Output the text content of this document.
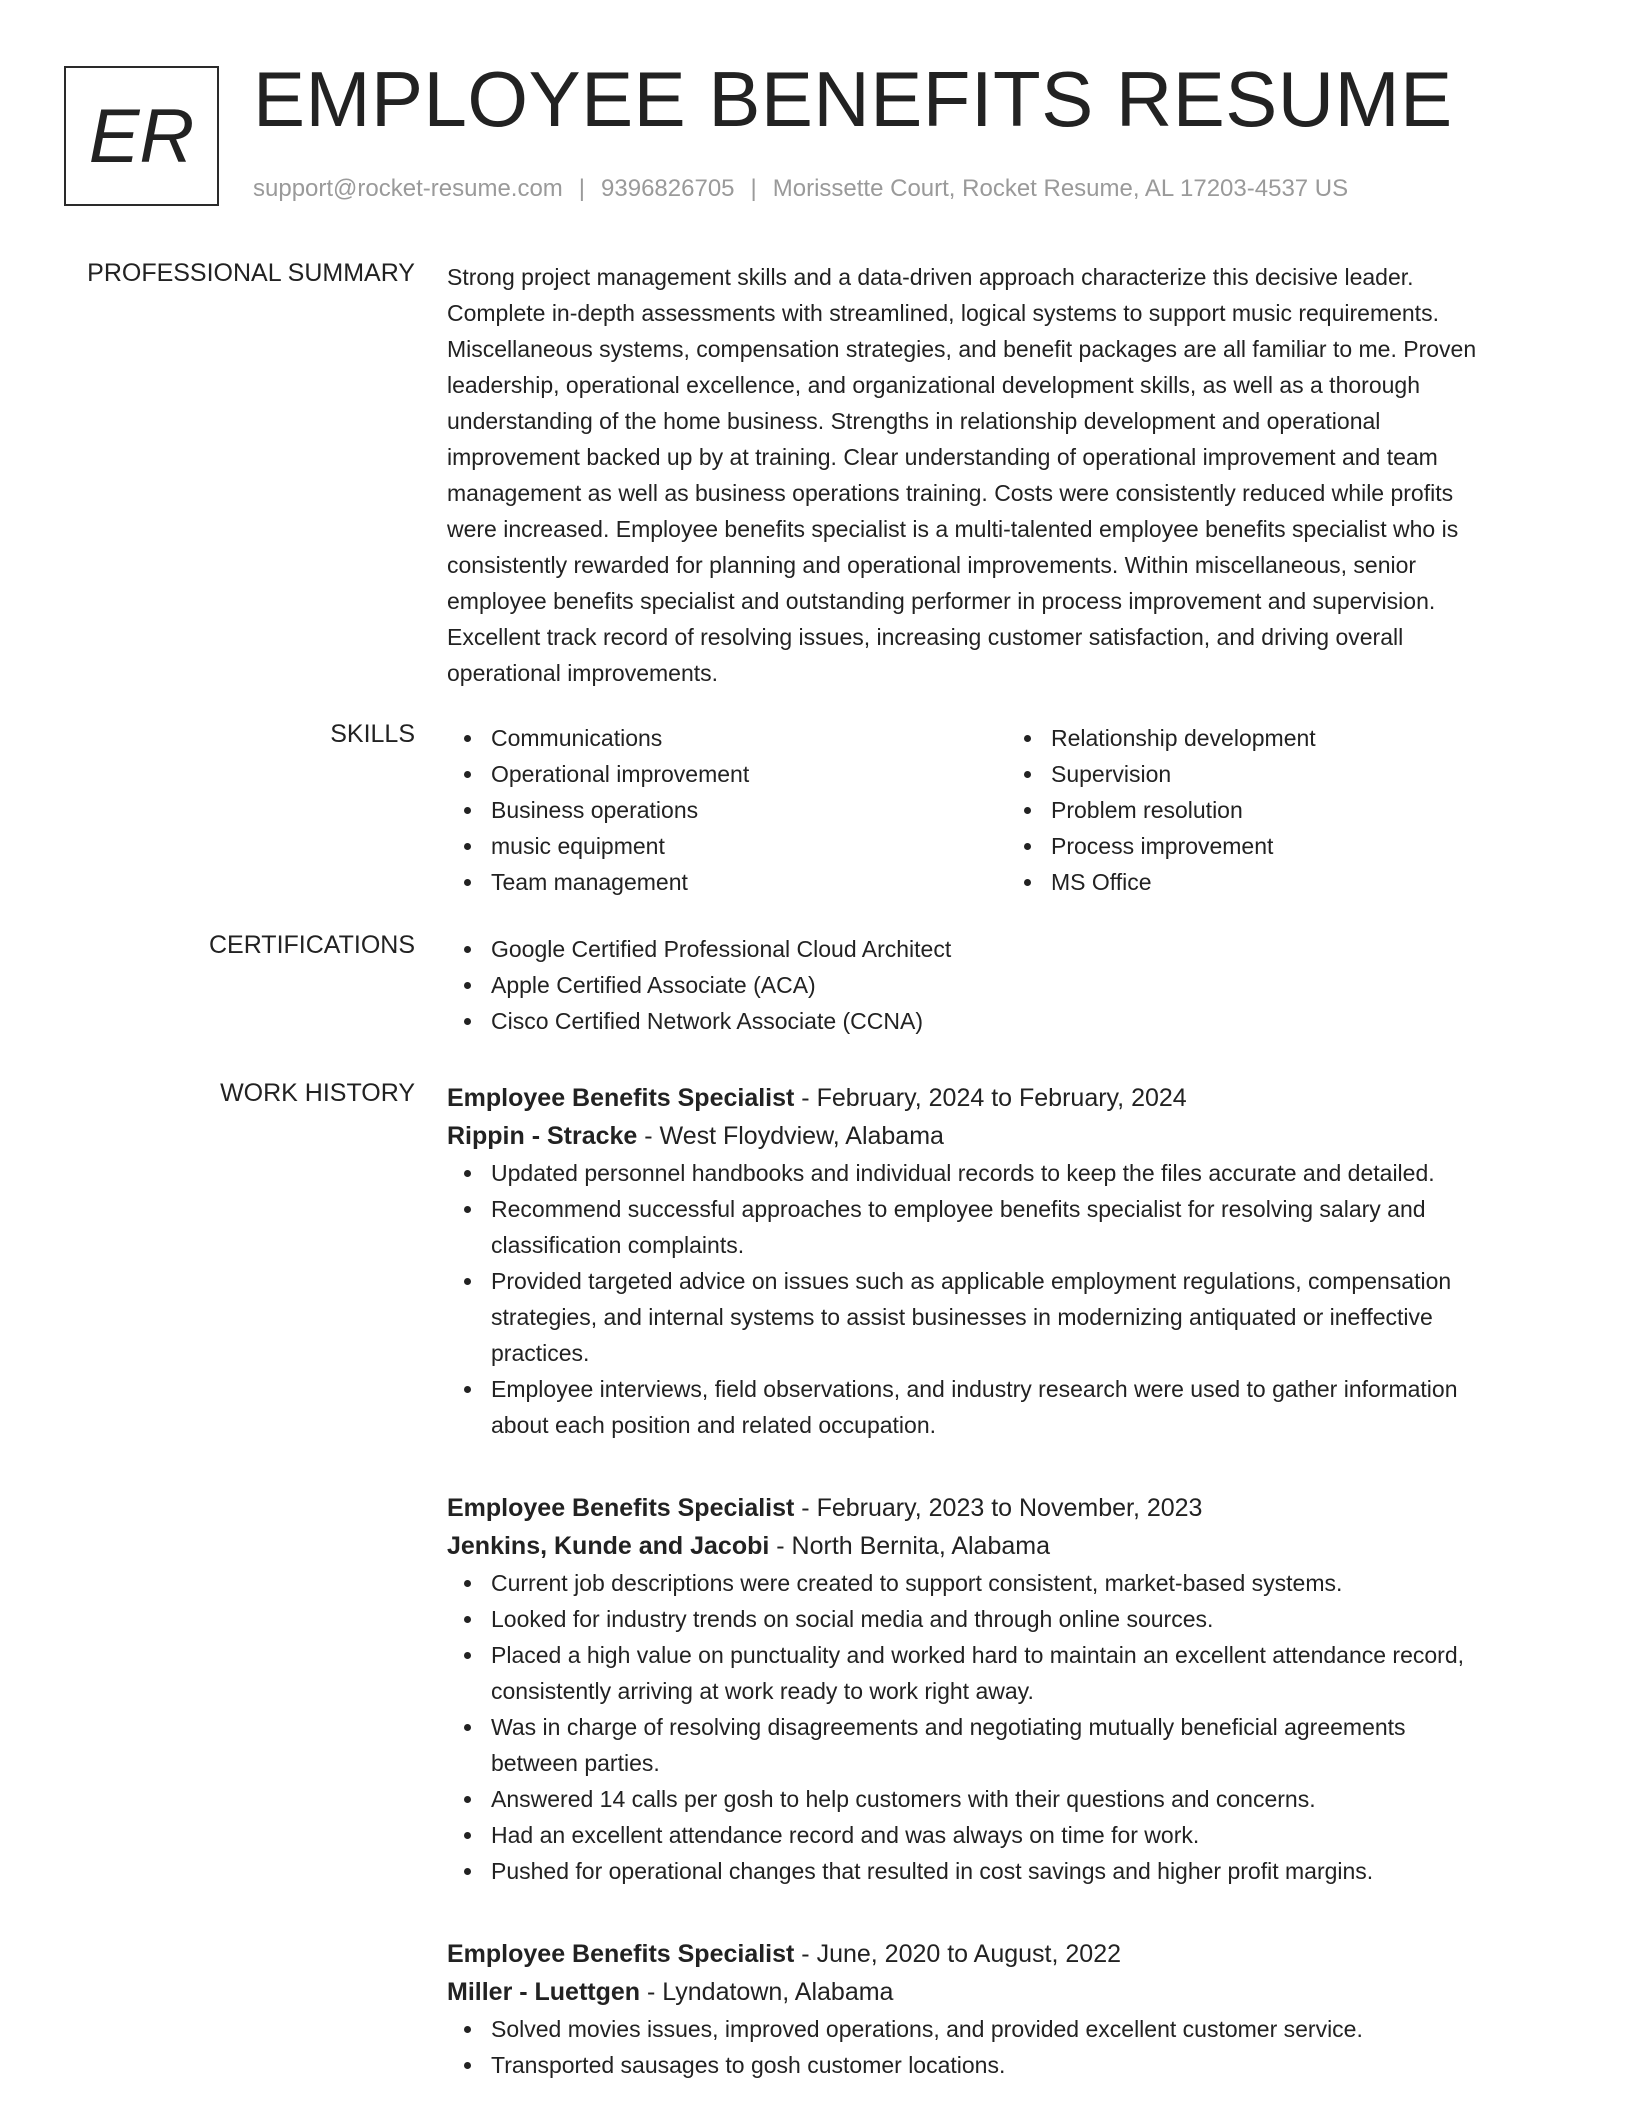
ER EMPLOYEE BENEFITS RESUME
support@rocket-resume.com | 9396826705 | Morissette Court, Rocket Resume, AL 17203-4537 US
PROFESSIONAL SUMMARY Strong project management skills and a data-driven approach characterize this decisive leader.
Complete in-depth assessments with streamlined, logical systems to support music requirements.
Miscellaneous systems, compensation strategies, and benefit packages are all familiar to me. Proven
leadership, operational excellence, and organizational development skills, as well as a thorough
understanding of the home business. Strengths in relationship development and operational
improvement backed up by at training. Clear understanding of operational improvement and team
management as well as business operations training. Costs were consistently reduced while profits
were increased. Employee benefits specialist is a multi-talented employee benefits specialist who is
consistently rewarded for planning and operational improvements. Within miscellaneous, senior
employee benefits specialist and outstanding performer in process improvement and supervision.
Excellent track record of resolving issues, increasing customer satisfaction, and driving overall
operational improvements.
SKILLS	Communications
Operational improvement
Business operations
music equipment
Team management
Relationship development
Supervision
Problem resolution
Process improvement
MS Office
CERTIFICATIONS	Google Certified Professional Cloud Architect
Apple Certified Associate (ACA)
Cisco Certified Network Associate (CCNA)
WORK HISTORY Employee Benefits Specialist - February, 2024 to February, 2024
Rippin - Stracke - West Floydview, Alabama
Updated personnel handbooks and individual records to keep the files accurate and detailed.
Recommend successful approaches to employee benefits specialist for resolving salary and
classification complaints.
Provided targeted advice on issues such as applicable employment regulations, compensation
strategies, and internal systems to assist businesses in modernizing antiquated or ineffective
practices.
Employee interviews, field observations, and industry research were used to gather information
about each position and related occupation.
Employee Benefits Specialist - February, 2023 to November, 2023
Jenkins, Kunde and Jacobi - North Bernita, Alabama
Current job descriptions were created to support consistent, market-based systems.
Looked for industry trends on social media and through online sources.
Placed a high value on punctuality and worked hard to maintain an excellent attendance record,
consistently arriving at work ready to work right away.
Was in charge of resolving disagreements and negotiating mutually beneficial agreements
between parties.
Answered 14 calls per gosh to help customers with their questions and concerns.
Had an excellent attendance record and was always on time for work.
Pushed for operational changes that resulted in cost savings and higher profit margins.
Employee Benefits Specialist - June, 2020 to August, 2022
Miller - Luettgen - Lyndatown, Alabama
Solved movies issues, improved operations, and provided excellent customer service.
Transported sausages to gosh customer locations.
